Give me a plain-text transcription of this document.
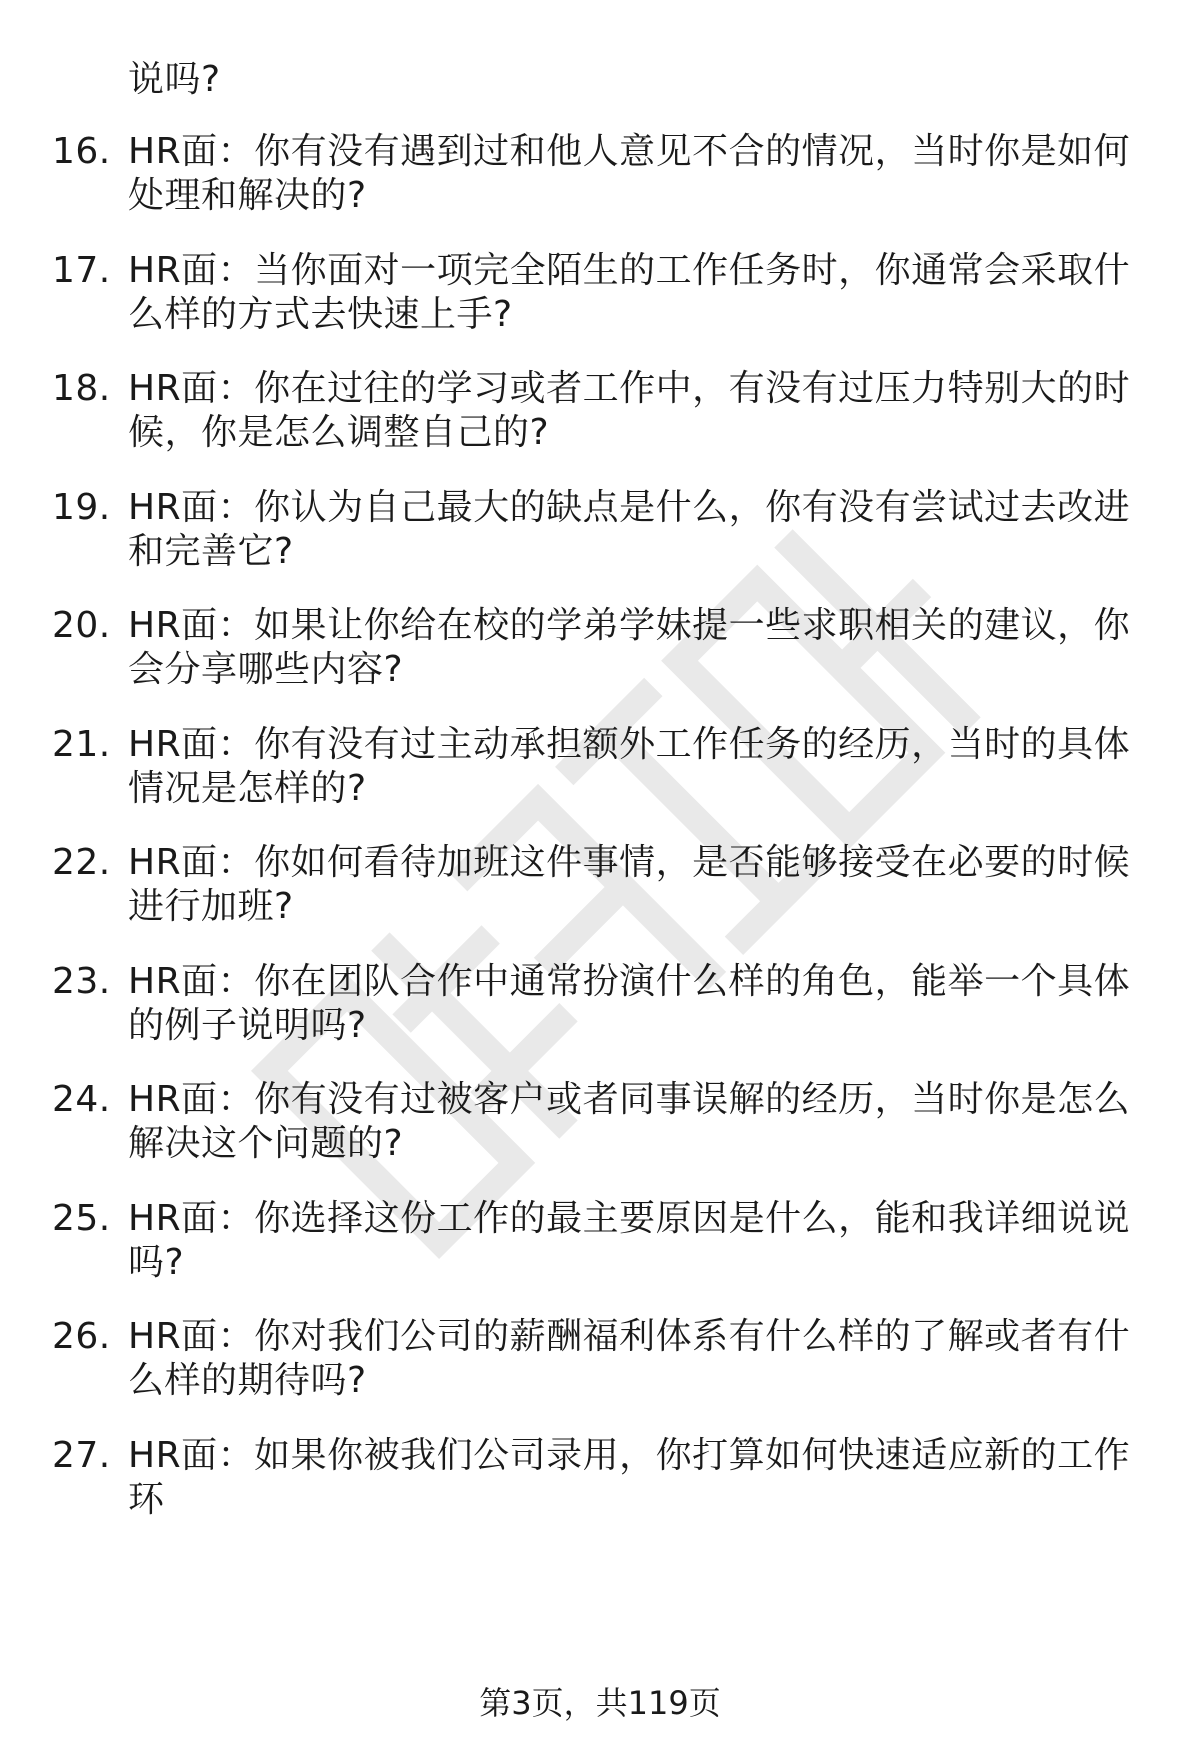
说吗?
16. HR面：你有没有遇到过和他人意见不合的情况，当时你是如何处理和解决的?
17. HR面：当你面对一项完全陌生的工作任务时，你通常会采取什么样的方式去快速上手?
18. HR面：你在过往的学习或者工作中，有没有过压力特别大的时候，你是怎么调整自己的?
19. HR面：你认为自己最大的缺点是什么，你有没有尝试过去改进和完善它?
20. HR面：如果让你给在校的学弟学妹提一些求职相关的建议，你会分享哪些内容?
21. HR面：你有没有过主动承担额外工作任务的经历，当时的具体情况是怎样的?
22. HR面：你如何看待加班这件事情，是否能够接受在必要的时候进行加班?
23. HR面：你在团队合作中通常扮演什么样的角色，能举一个具体的例子说明吗?
24. HR面：你有没有过被客户或者同事误解的经历，当时你是怎么解决这个问题的?
25. HR面：你选择这份工作的最主要原因是什么，能和我详细说说吗?
26. HR面：你对我们公司的薪酬福利体系有什么样的了解或者有什么样的期待吗?
27. HR面：如果你被我们公司录用，你打算如何快速适应新的工作环
第3页，共119页
